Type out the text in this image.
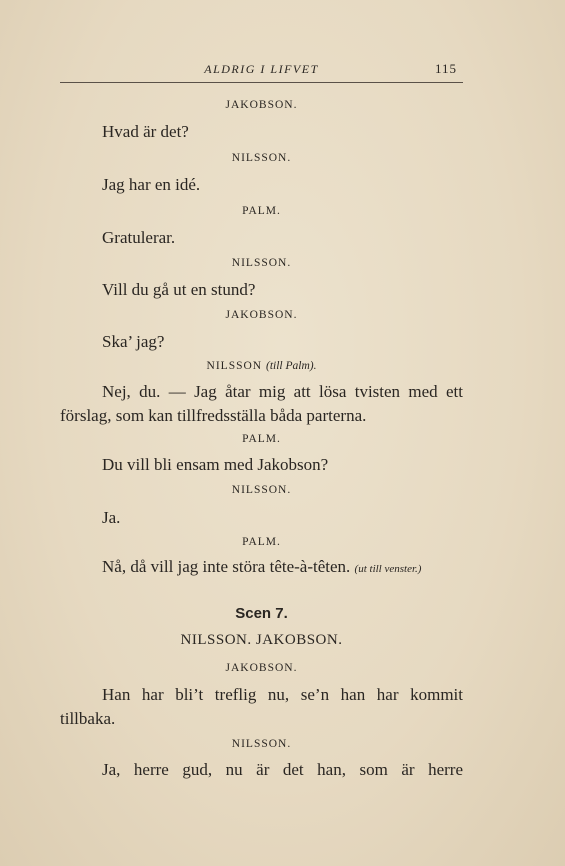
ALDRIG I LIFVET	115
JAKOBSON.
Hvad är det?
NILSSON.
Jag har en idé.
PALM.
Gratulerar.
NILSSON.
Vill du gå ut en stund?
JAKOBSON.
Ska’ jag?
NILSSON (till Palm).
Nej, du. — Jag åtar mig att lösa tvisten med ett förslag, som kan tillfredsställa båda parterna.
PALM.
Du vill bli ensam med Jakobson?
NILSSON.
Ja.
PALM.
Nå, då vill jag inte störa tête-à-têten. (ut till venster.)
Scen 7.
NILSSON. JAKOBSON.
JAKOBSON.
Han har bli’t treflig nu, se’n han har kommit tillbaka.
NILSSON.
Ja, herre gud, nu är det han, som är herre
